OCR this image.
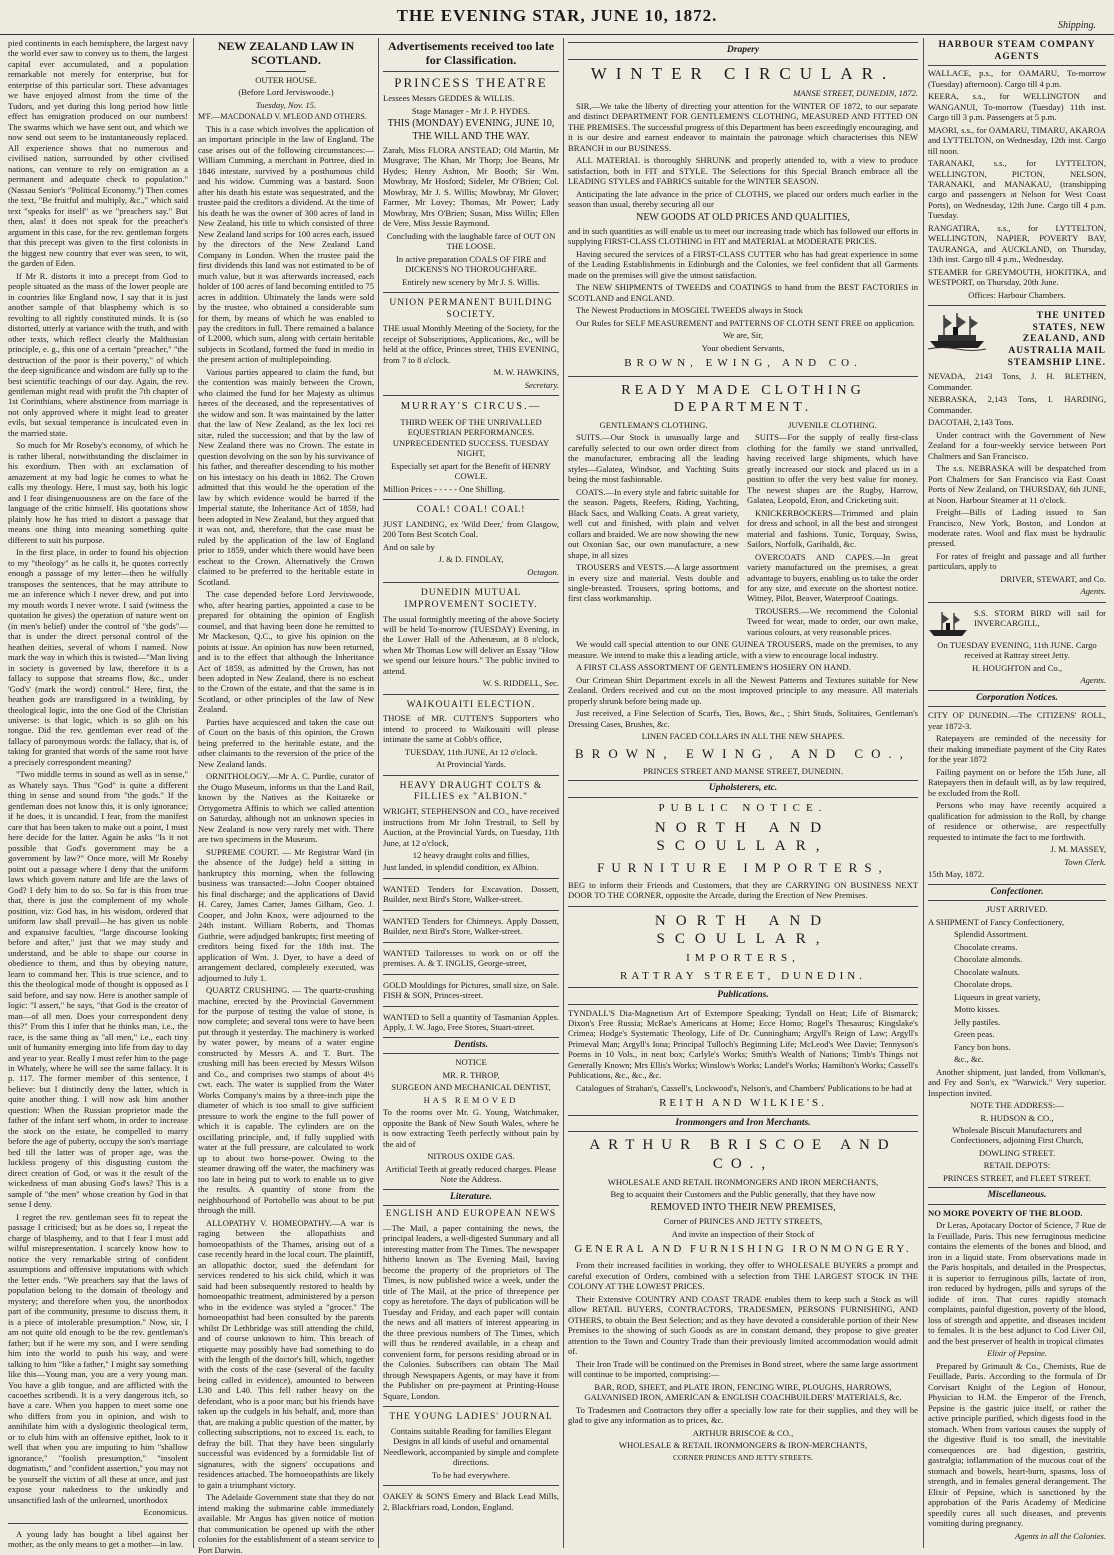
THE EVENING STAR, JUNE 10, 1872.
Shipping.

pied continents in each hemisphere, the largest navy the world ever saw to convey us to them, the largest capital ever accumulated, and a population remarkable not merely for enterprise, but for enterprise of this particular sort. These advantages we have enjoyed almost from the time of the Tudors, and yet during this long period how little effect has emigration produced on our numbers! The swarms which we have sent out, and which we now send out seem to be instantaneously replaced. All experience shows that no numerous and civilised nation, surrounded by other civilised nations, can venture to rely on emigration as a permanent and adequate check to population." (Nassau Senior's "Political Economy.") Then comes the text, "Be fruitful and multiply, &c.," which said text "speaks for itself" as we "preachers say." But then, alas! it does not speak for the preacher's argument in this case, for the rev. gentleman forgets that this precept was given to the first colonists in the biggest new country that ever was seen, to wit, the garden of Eden.

If Mr R. distorts it into a precept from God to people situated as the mass of the lower people are in countries like England now, I say that it is just another sample of that blasphemy which is so revolting to all rightly constituted minds. It is (so distorted, utterly at variance with the truth, and with other texts, which reflect clearly the Malthusian principle, e. g., this one of a certain "preacher," "the destruction of the poor is their poverty," of which the deep significance and wisdom are fully up to the best scientific teachings of our day. Again, the rev. gentleman might read with profit the 7th chapter of 1st Corinthians, where abstinence from marriage is not only approved where it might lead to greater evils, but sexual temperance is inculcated even in the married state.

So much for Mr Roseby's economy, of which he is rather liberal, notwithstanding the disclaimer in his exordium. Then with an exclamation of amazement at my bad logic he comes to what he calls my theology. Here, I must say, both his logic and I fear disingenuousness are on the face of the language of the critic himself. His quotations show plainly how he has tried to distort a passage that means one thing into meaning something quite different to suit his purpose.

In the first place, in order to found his objection to my "theology" as he calls it, he quotes correctly enough a passage of my letter—then he wilfully transposes the sentences, that he may attribute to me an inference which I never drew, and put into my mouth words I never wrote. I said (witness the quotation he gives) the operation of nature went on (in men's belief) under the control of "the gods"—that is under the direct personal control of the heathen deities, several of whom I named. Now mark the way in which this is twisted—"Man living in society is governed by law, therefore it is a fallacy to suppose that streams flow, &c., under 'God's' (mark the word) control." Here, first, the heathen gods are transfigured in a twinkling, by theological logic, into the one God of the Christian universe: is that logic, which is so glib on his tongue. Did the rev. gentleman ever read of the fallacy of paronymous words: the fallacy, that is, of taking for granted that words of the same root have a precisely correspondent meaning?

"Two middle terms in sound as well as in sense," as Whately says. Thus "God" is quite a different thing in sense and sound from "the gods." If the gentleman does not know this, it is only ignorance; if he does, it is uncandid. I fear, from the manifest care that has been taken to make out a point, I must here decide for the latter. Again he asks "Is it not possible that God's government may be a government by law?" Once more, will Mr Roseby point out a passage where I deny that the uniform laws which govern nature and life are the laws of God? I defy him to do so. So far is this from true that, there is just the complement of my whole position, viz: God has, in his wisdom, ordered that uniform law shall prevail—he has given us noble and expansive faculties, "large discourse looking before and after," just that we may study and understand, and be able to shape our course in obedience to them, and thus by obeying nature, learn to command her. This is true science, and to this the theological mode of thought is opposed as I said before, and say now. Here is another sample of logic: "I assert," he says, "that God is the creator of man—of all men. Does your correspondent deny this?" From this I infer that he thinks man, i.e., the race, is the same thing as "all men," i.e., each tiny unit of humanity emerging into life from day to day and year to year. Really I must refer him to the page in Whately, where he will see the same fallacy. It is p. 117. The former member of this sentence, I believe: but I distinctly deny the latter, which is quite another thing. I will now ask him another question: When the Russian proprietor made the father of the infant serf whom, in order to increase the stock on the estate, he compelled to marry before the age of puberty, occupy the son's marriage bed till the latter was of proper age, was the luckless progeny of this disgusting custom the direct creation of God, or was it the result of the wickedness of man abusing God's laws? This is a sample of "the men" whose creation by God in that sense I deny.

I regret the rev. gentleman sees fit to repeat the passage I criticised; but as he does so, I repeat the charge of blasphemy, and to that I fear I must add wilful misrepresentation. I scarcely know how to notice the very remarkable string of confident assumptions and offensive imputations with which the letter ends. "We preachers say that the laws of population belong to the domain of theology and mystery; and therefore when you, the unorthodox part of the community, presume to discuss them, it is a piece of intolerable presumption." Now, sir, I am not quite old enough to be the rev. gentleman's father; but if he were my son, and I were sending him into the world to push his way, and were talking to him "like a father," I might say something like this—Young man, you are a very young man. You have a glib tongue, and are afflicted with the cacoethes scribendi. It is a very dangerous itch, so have a care. When you happen to meet some one who differs from you in opinion, and wish to annihilate him with a dyslogistic theological term, or to club him with an offensive epithet, look to it well that when you are imputing to him "shallow ignorance," "foolish presumption," "insolent dogmatism," and "confident assertion," you may not be yourself the victim of all these at once, and just expose your nakedness to the unkindly and unsanctified lash of the unlearned, unorthodox

Economicus.

A young lady has bought a libel against her mother, as the only means to get a mother—in law.

NEW ZEALAND LAW IN SCOTLAND.

OUTER HOUSE.

(Before Lord Jerviswoode.)

Tuesday, Nov. 15.

M'F.—MACDONALD V. M'LEOD AND OTHERS.

This is a case which involves the application of an important principle in the law of England. The case arises out of the following circumstances:—William Cumming, a merchant in Portree, died in 1846 intestate, survived by a posthumous child and his widow. Cumming was a bastard. Soon after his death his estate was sequestrated, and the trustee paid the creditors a dividend. At the time of his death he was the owner of 300 acres of land in New Zealand, his title to which consisted of three New Zealand land scrips for 100 acres each, issued by the directors of the New Zealand Land Company in London. When the trustee paid the first dividends this land was not estimated to be of much value, but it was afterwards increased, each holder of 100 acres of land becoming entitled to 75 acres in addition. Ultimately the lands were sold by the trustee, who obtained a considerable sum for them, by means of which he was enabled to pay the creditors in full. There remained a balance of L2000, which sum, along with certain heritable subjects in Scotland, formed the fund in medio in the present action of multiplepoinding.

Various parties appeared to claim the fund, but the contention was mainly between the Crown, who claimed the fund for her Majesty as ultimus hæres of the deceased, and the representatives of the widow and son. It was maintained by the latter that the law of New Zealand, as the lex loci rei sitæ, ruled the succession; and that by the law of New Zealand there was no Crown. The estate in question devolving on the son by his survivance of his father, and thereafter descending to his mother on his intestacy on his death in 1862. The Crown admitted that this would be the operation of the law by which evidence would be barred if the Imperial statute, the Inheritance Act of 1859, had been adopted in New Zealand, but they argued that it was not, and, therefore, that the case must be ruled by the application of the law of England prior to 1859, under which there would have been escheat to the Crown. Alternatively the Crown claimed to be preferred to the heritable estate in Scotland.

The case depended before Lord Jerviswoode, who, after hearing parties, appointed a case to be prepared for obtaining the opinion of English counsel, and that having been done he remitted to Mr Mackeson, Q.C., to give his opinion on the points at issue. An opinion has now been returned, and is to the effect that although the Inheritance Act of 1859, as admitted by the Crown, has not been adopted in New Zealand, there is no escheat to the Crown of the estate, and that the same is in Scotland, or other principles of the law of New Zealand.

Parties have acquiesced and taken the case out of Court on the basis of this opinion, the Crown being preferred to the heritable estate, and the other claimants to the reversion of the price of the New Zealand lands.

ORNITHOLOGY.—Mr A. C. Purdie, curator of the Otago Museum, informs us that the Land Rail, known by the Natives as the Koitareke or Ortygometra Affinis to which we called attention on Saturday, although not an unknown species in New Zealand is now very rarely met with. There are two specimens in the Museum.

SUPREME COURT. — Mr Registrar Ward (in the absence of the Judge) held a sitting in bankruptcy this morning, when the following business was transacted:—John Cooper obtained his final discharge; and the applications of David H. Carey, James Carter, James Gilham, Geo. J. Cooper, and John Knox, were adjourned to the 24th instant. William Roberts, and Thomas Guthrie, were adjudged bankrupts; first meeting of creditors being fixed for the 18th inst. The application of Wm. J. Dyer, to have a deed of arrangement declared, completely executed, was adjourned to July 1.

QUARTZ CRUSHING. — The quartz-crushing machine, erected by the Provincial Government for the purpose of testing the value of stone, is now complete; and several tons were to have been put through it yesterday. The machinery is worked by water power, by means of a water engine constructed by Messrs A. and T. Burt. The crushing mill has been erected by Messrs Wilson and Co., and comprises two stamps of about 4½ cwt. each. The water is supplied from the Water Works Company's mains by a three-inch pipe the diameter of which is too small to give sufficient pressure to work the engine to the full power of which it is capable. The cylinders are on the oscillating principle, and, if fully supplied with water at the full pressure, are calculated to work up to about two horse-power. Owing to the steamer drawing off the water, the machinery was too late in being put to work to enable us to give the results. A quantity of stone from the neighbourhood of Portobello was about to be put through the mill.

ALLOPATHY V. HOMEOPATHY.—A war is raging between the allopathists and homoeopathists of the Thames, arising out of a case recently heard in the local court. The plaintiff, an allopathic doctor, sued the defendant for services rendered to his sick child, which it was said had been subsequently restored to health by homoeopathic treatment, administered by a person who in the evidence was styled a "grocer." The homoeopathist had been consulted by the parents whilst Dr Lethbridge was still attending the child, and of course unknown to him. This breach of etiquette may possibly have had something to do with the length of the doctor's bill, which, together with the costs of the case (several of the faculty being called in evidence), amounted to between L30 and L40. This fell rather heavy on the defendant, who is a poor man; but his friends have taken up the cudgels in his behalf, and, more than that, are making a public question of the matter, by collecting subscriptions, not to exceed 1s. each, to defray the bill. That they have been singularly successful was evidenced by a formidable list of signatures, with the signers' occupations and residences attached. The homoeopathists are likely to gain a triumphant victory.

The Adelaide Government state that they do not intend making the submarine cable immediately available. Mr Angus has given notice of motion that communication be opened up with the other colonies for the establishment of a steam service to Port Darwin.

Advertisements received too late for Classification.
PRINCESS THEATRE

Lessees Messrs GEDDES & WILLIS.

Stage Manager - Mr J. P. HYDES.

THIS (MONDAY) EVENING, JUNE 10, THE WILL AND THE WAY.

Zarah, Miss FLORA ANSTEAD; Old Martin, Mr Musgrave; The Khan, Mr Thorp; Joe Beans, Mr Hydes; Henry Ashton, Mr Booth; Sir Wm. Mowbray, Mr Hosford; Sideler, Mr O'Brien; Col. Mowbray, Mr J. S. Willis; Mowbray, Mr Glover; Farmer, Mr Lovey; Thomas, Mr Power; Lady Mowbray, Mrs O'Brien; Susan, Miss Willis; Ellen de Vere, Miss Jessie Raymond.

Concluding with the laughable farce of OUT ON THE LOOSE.

In active preparation COALS OF FIRE and DICKENS'S NO THOROUGHFARE.

Entirely new scenery by Mr J. S. Willis.

UNION PERMANENT BUILDING SOCIETY.

THE usual Monthly Meeting of the Society, for the receipt of Subscriptions, Applications, &c., will be held at the office, Princes street, THIS EVENING, from 7 to 8 o'clock.

M. W. HAWKINS,

Secretary.

MURRAY'S CIRCUS.—

THIRD WEEK OF THE UNRIVALLED EQUESTRIAN PERFORMANCES. UNPRECEDENTED SUCCESS. TUESDAY NIGHT,

Especially set apart for the Benefit of HENRY COWLE.

Million Prices - - - - - One Shilling.

COAL! COAL! COAL!

JUST LANDING, ex 'Wild Deer,' from Glasgow, 200 Tons Best Scotch Coal.

And on sale by

J. & D. FINDLAY,

Octagon.

DUNEDIN MUTUAL IMPROVEMENT SOCIETY.

The usual fortnightly meeting of the above Society will be held To-morrow (TUESDAY) Evening, in the Lower Hall of the Athenæum, at 8 o'clock, when Mr Thomas Low will deliver an Essay "How we spend our leisure hours." The public invited to attend.

W. S. RIDDELL, Sec.

WAIKOUAITI ELECTION.

THOSE of MR. CUTTEN'S Supporters who intend to proceed to Waikouaiti will please intimate the same at Cobb's office,

TUESDAY, 11th JUNE, At 12 o'clock.

At Provincial Yards.

HEAVY DRAUGHT COLTS & FILLIES ex "ALBION."

WRIGHT, STEPHENSON and CO., have received instructions from Mr John Trestrail, to Sell by Auction, at the Provincial Yards, on Tuesday, 11th June, at 12 o'clock,

12 heavy draught colts and fillies,

Just landed, in splendid condition, ex Albion.

WANTED Tenders for Excavation. Dossett, Builder, next Bird's Store, Walker-street.

WANTED Tenders for Chimneys. Apply Dossett, Builder, next Bird's Store, Walker-street.

WANTED Tailoresses to work on or off the premises. A. & T. INGLIS, George-street,

GOLD Mouldings for Pictures, small size, on Sale. FISH & SON, Princes-street.

WANTED to Sell a quantity of Tasmanian Apples. Apply, J. W. Jago, Free Stores, Stuart-street.

Dentists.

NOTICE

MR. R. THROP,

SURGEON AND MECHANICAL DENTIST,

HAS REMOVED

To the rooms over Mr. G. Young, Watchmaker, opposite the Bank of New South Wales, where he is now extracting Teeth perfectly without pain by the aid of

NITROUS OXIDE GAS.

Artificial Teeth at greatly reduced charges. Please Note the Address.

Literature.
ENGLISH AND EUROPEAN NEWS

—The Mail, a paper containing the news, the principal leaders, a well-digested Summary and all interesting matter from The Times. The newspaper hitherto known as The Evening Mail, having become the property of the proprietors of The Times, is now published twice a week, under the title of The Mail, at the price of threepence per copy as heretofore. The days of publication will be Tuesday and Friday, and each paper will contain the news and all matters of interest appearing in the three previous numbers of The Times, which will thus be rendered available, in a cheap and convenient form, for persons residing abroad or in the Colonies. Subscribers can obtain The Mail through Newspapers Agents, or may have it from the Publisher on pre-payment at Printing-House Square, London.

THE YOUNG LADIES' JOURNAL

Contains suitable Reading for families Elegant Designs in all kinds of useful and ornamental Needlework, accompanied by simple and complete directions.

To be had everywhere.

OAKEY & SON'S Emery and Black Lead Mills, 2, Blackfriars road, London, England.

Drapery
WINTER CIRCULAR.

MANSE STREET, DUNEDIN, 1872.

SIR,—We take the liberty of directing your attention for the WINTER OF 1872, to our separate and distinct DEPARTMENT FOR GENTLEMEN'S CLOTHING, MEASURED AND FITTED ON THE PREMISES. The successful progress of this Department has been exceedingly encouraging, and it is our desire and earnest endeavor to maintain the patronage which characterises this NEW BRANCH in our BUSINESS.

ALL MATERIAL is thoroughly SHRUNK and properly attended to, with a view to produce satisfaction, both in FIT and STYLE. The Selections for this Special Branch embrace all the LEADING STYLES and FABRICS suitable for the WINTER SEASON.

Anticipating the late advance in the price of CLOTHS, we placed our orders much earlier in the season than usual, thereby securing all our

NEW GOODS AT OLD PRICES AND QUALITIES,

and in such quantities as will enable us to meet our increasing trade which has followed our efforts in supplying FIRST-CLASS CLOTHING in FIT and MATERIAL at MODERATE PRICES.

Having secured the services of a FIRST-CLASS CUTTER who has had great experience in some of the Leading Establishments in Edinburgh and the Colonies, we feel confident that all Garments made on the premises will give the utmost satisfaction.

The NEW SHIPMENTS of TWEEDS and COATINGS to hand from the BEST FACTORIES in SCOTLAND and ENGLAND.

The Newest Productions in MOSGIEL TWEEDS always in Stock

Our Rules for SELF MEASUREMENT and PATTERNS OF CLOTH SENT FREE on application.

We are, Sir,

Your obedient Servants,

BROWN, EWING, AND CO.
READY MADE CLOTHING DEPARTMENT.

GENTLEMAN'S CLOTHING.

SUITS.—Our Stock is unusually large and carefully selected to our own order direct from the manufacturer, embracing all the leading styles—Galatea, Windsor, and Yachting Suits being the most fashionable.

COATS.—In every style and fabric suitable for the season. Pagets, Reefers, Riding, Yachting, Black Sacs, and Walking Coats. A great variety, well cut and finished, with plain and velvet collars and braided. We are now showing the new out Oxonian Sac, our own manufacture, a new shape, in all sizes

TROUSERS and VESTS.—A large assortment in every size and material. Vests double and single-breasted. Trousers, spring bottoms, and first class workmanship.

JUVENILE CLOTHING.

SUITS—For the supply of really first-class clothing for the family we stand unrivalled, having received large shipments, which have greatly increased our stock and placed us in a position to offer the very best value for money. The newest shapes are the Rugby, Harrow, Galatea, Leopold, Eton, and Cricketing suit.

KNICKERBOCKERS—Trimmed and plain for dress and school, in all the best and strongest material and fashions. Tunic, Torquay, Swiss, Sailors, Norfolk, Garibaldi, &c.

OVERCOATS AND CAPES.—In great variety manufactured on the premises, a great advantage to buyers, enabling us to take the order for any size, and execute on the shortest notice. Witney, Pilot, Beaver, Waterproof Coatings.

TROUSERS.—We recommend the Colonial Tweed for wear, made to order, our own make, various colours, at very reasonable prices.

We would call special attention to our ONE GUINEA TROUSERS, made on the premises, to any measure. We intend to make this a leading article, with a view to encourage local industry.

A FIRST CLASS ASSORTMENT OF GENTLEMEN'S HOSIERY ON HAND.

Our Crimean Shirt Department excels in all the Newest Patterns and Textures suitable for New Zealand. Orders received and cut on the most improved principle to any measure. All materials properly shrunk before being made up.

Just received, a Fine Selection of Scarfs, Ties, Bows, &c., ; Shirt Studs, Solitaires, Gentleman's Dressing Cases, Brushes, &c.

LINEN FACED COLLARS IN ALL THE NEW SHAPES.

BROWN, EWING, AND CO.,

PRINCES STREET AND MANSE STREET, DUNEDIN.

Upholsterers, etc.
PUBLIC NOTICE.
NORTH AND SCOULLAR,
FURNITURE IMPORTERS,

BEG to inform their Friends and Customers, that they are CARRYING ON BUSINESS NEXT DOOR TO THE CORNER, opposite the Arcade, during the Erection of New Premises.

NORTH AND SCOULLAR,
IMPORTERS,
RATTRAY STREET, DUNEDIN.
Publications.

TYNDALL'S Dia-Magnetism Art of Extempore Speaking; Tyndall on Heat; Life of Bismarck; Dixon's Free Russia; McRae's Americans at Home; Ecce Homo; Rogel's Thesaurus; Kingslake's Crimea; Hodge's Systematic Theology, Life of Dr. Cunningham; Argyll's Reign of Law; Argyll's Primeval Man; Argyll's Iona; Principal Tulloch's Beginning Life; McLeod's Wee Davie; Tennyson's Poems in 10 Vols., in neat box; Carlyle's Works; Smith's Wealth of Nations; Timb's Things not Generally Known; Mrs Ellis's Works; Winslow's Works; Landel's Works; Hamilton's Works; Cassell's Publications, &c., &c., &c.

Catalogues of Strahan's, Cassell's, Lockwood's, Nelson's, and Chambers' Publications to be had at

REITH AND WILKIE'S.
Ironmongers and Iron Merchants.
ARTHUR BRISCOE AND CO.,

WHOLESALE AND RETAIL IRONMONGERS AND IRON MERCHANTS,

Beg to acquaint their Customers and the Public generally, that they have now

REMOVED INTO THEIR NEW PREMISES,

Corner of PRINCES AND JETTY STREETS,

And invite an inspection of their Stock of

GENERAL AND FURNISHING IRONMONGERY.

From their increased facilities in working, they offer to WHOLESALE BUYERS a prompt and careful execution of Orders, combined with a selection from THE LARGEST STOCK IN THE COLONY AT THE LOWEST PRICES.

Their Extensive COUNTRY AND COAST TRADE enables them to keep such a Stock as will allow RETAIL BUYERS, CONTRACTORS, TRADESMEN, PERSONS FURNISHING, AND OTHERS, to obtain the Best Selection; and as they have devoted a considerable portion of their New Premises to the showing of such Goods as are in constant demand, they propose to give greater attention to the Town and Country Trade than their previously limited accommodation would admit of.

Their Iron Trade will be continued on the Premises in Bond street, where the same large assortment will continue to be imported, comprising:—

BAR, ROD, SHEET, and PLATE IRON, FENCING WIRE, PLOUGHS, HARROWS, GALVANISED IRON, AMERICAN & ENGLISH COACHBUILDERS' MATERIALS, &c.

To Tradesmen and Contractors they offer a specially low rate for their supplies, and they will be glad to give any information as to prices, &c.

ARTHUR BRISCOE & CO.,

WHOLESALE & RETAIL IRONMONGERS & IRON-MERCHANTS,

CORNER PRINCES AND JETTY STREETS.

HARBOUR STEAM COMPANY AGENTS

WALLACE, p.s., for OAMARU, To-morrow (Tuesday) afternoon). Cargo till 4 p.m.

KEERA, s.s., for WELLINGTON and WANGANUI, To-morrow (Tuesday) 11th inst. Cargo till 3 p.m. Passengers at 5 p.m.

MAORI, s.s., for OAMARU, TIMARU, AKAROA and LYTTELTON, on Wednesday, 12th inst. Cargo till noon.

TARANAKI, s.s., for LYTTELTON, WELLINGTON, PICTON, NELSON, TARANAKI, and MANAKAU, (transhipping cargo and passengers at Nelson for West Coast Ports), on Wednesday, 12th June. Cargo till 4 p.m. Tuesday.

RANGATIRA, s.s., for LYTTELTON, WELLINGTON, NAPIER, POVERTY BAY, TAURANGA, and AUCKLAND, on Thursday, 13th inst. Cargo till 4 p.m., Wednesday.

STEAMER for GREYMOUTH, HOKITIKA, and WESTPORT, on Thursday, 20th June.

Offices: Harbour Chambers.

THE UNITED STATES, NEW ZEALAND, AND AUSTRALIA MAIL STEAMSHIP LINE.

NEVADA, 2143 Tons, J. H. BLETHEN, Commander.

NEBRASKA, 2,143 Tons, I. HARDING, Commander.

DACOTAH, 2,143 Tons.

Under contract with the Government of New Zealand for a four-weekly service between Port Chalmers and San Francisco.

The s.s. NEBRASKA will be despatched from Port Chalmers for San Francisco via East Coast Ports of New Zealand, on THURSDAY, 6th JUNE, at Noon. Harbour Steamer at 11 o'clock.

Freight—Bills of Lading issued to San Francisco, New York, Boston, and London at moderate rates. Wool and flax must be hydraulic pressed.

For rates of freight and passage and all further particulars, apply to

DRIVER, STEWART, and Co.

Agents.

S.S. STORM BIRD will sail for INVERCARGILL,

On TUESDAY EVENING, 11th JUNE. Cargo received at Rattray street Jetty.

H. HOUGHTON and Co.,

Agents.

Corporation Notices.

CITY OF DUNEDIN.—The CITIZENS' ROLL, year 1872-3.

Ratepayers are reminded of the necessity for their making immediate payment of the City Rates for the year 1872

Failing payment on or before the 15th June, all Ratepayers then in default will, as by law required, be excluded from the Roll.

Persons who may have recently acquired a qualification for admission to the Roll, by change of residence or otherwise, are respectfully requested to intimate the fact to me forthwith.

J. M. MASSEY,

Town Clerk.

15th May, 1872.

Confectioner.

JUST ARRIVED.

A SHIPMENT of Fancy Confectionery,

Splendid Assortment.

Chocolate creams.

Chocolate almonds.

Chocolate walnuts.

Chocolate drops.

Liqueurs in great variety,

Motto kisses.

Jelly pastiles.

Green peas.

Fancy bon bons.

&c., &c.

Another shipment, just landed, from Volkman's, and Fry and Son's, ex "Warwick." Very superior. Inspection invited.

NOTE THE ADDRESS:—

R. HUDSON & CO.,

Wholesale Biscuit Manufacturers and Confectioners, adjoining First Church,

DOWLING STREET.

RETAIL DEPOTS:

PRINCES STREET, and FLEET STREET.

Miscellaneous.

NO MORE POVERTY OF THE BLOOD.

Dr Leras, Apotacary Doctor of Science, 7 Rue de la Feuillade, Paris. This new ferruginous medicine contains the elements of the bones and blood, and iron in a liquid state. From observations made in the Paris hospitals, and detailed in the Prospectus, it is superior to ferruginous pills, lactate of iron, iron reduced by hydrogen, pills and syrups of the iodide of iron. That cures rapidly stomach complaints, painful digestion, poverty of the blood, loss of strength and appetite, and diseases incident to females. It is the best adjunct to Cod Liver Oil, and the best preserver of health in tropical climates

Elixir of Pepsine.

Prepared by Grimault & Co., Chemists, Rue de Feuillade, Paris. According to the formula of Dr Corvisart Knight of the Legion of Honour, Physician to H.M. the Emperor of the French, Pepsine is the gastric juice itself, or rather the active principle purified, which digests food in the stomach. When from various causes the supply of the digestive fluid is too small, the inevitable consequences are bad digestion, gastritis, gastralgia; inflammation of the mucous coat of the stomach and bowels, heart-burn, spasms, loss of strength, and in females general derangement. The Elixir of Pepsine, which is sanctioned by the approbation of the Paris Academy of Medicine speedily cures all such diseases, and prevents vomiting during pregnancy.

Agents in all the Colonies.
